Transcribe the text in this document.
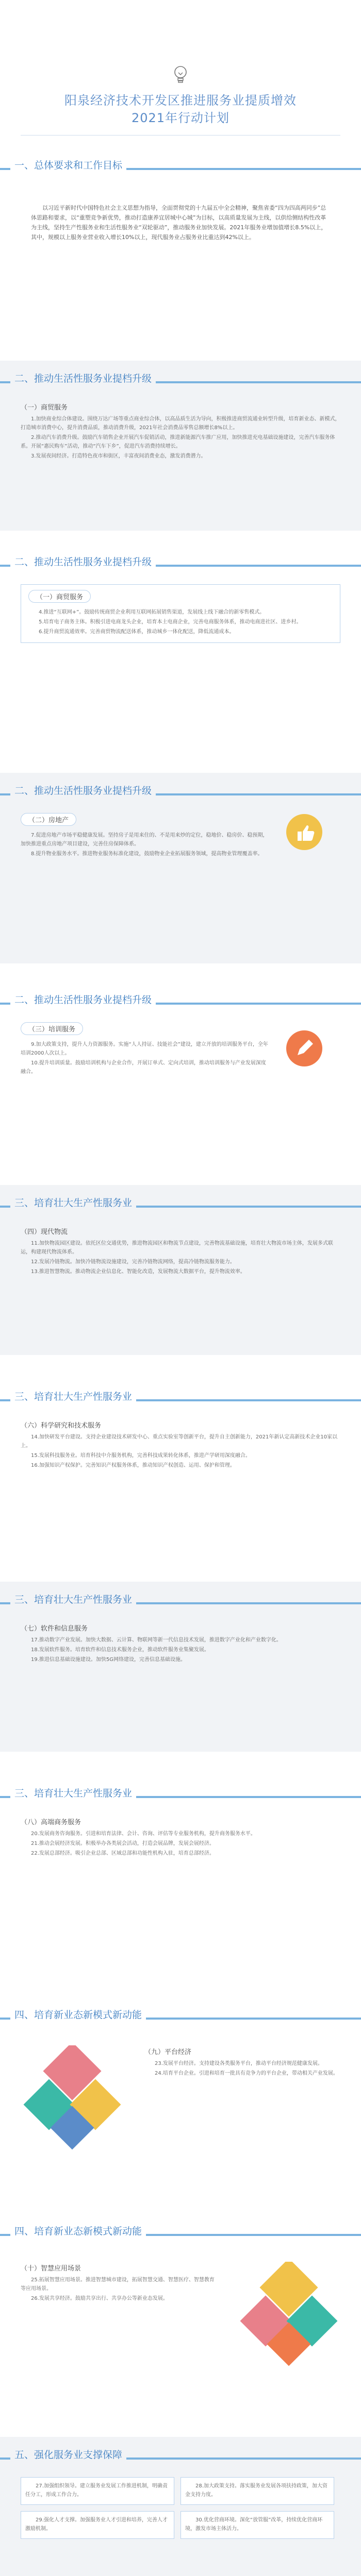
阳泉经济技术开发区推进服务业提质增效
2021年行动计划
一、总体要求和工作目标

以习近平新时代中国特色社会主义思想为指导，全面贯彻党的十九届五中全会精神，聚焦省委“四为四高两同步”总体思路和要求，以“重塑竞争新优势，推动打造康养宜居城中心城”为目标，以高质量发展为主线，以供给侧结构性改革为主线，坚持生产性服务业和生活性服务业“双轮驱动”，推动服务业加快发展。2021年服务业增加值增长8.5%以上，其中，规模以上服务业营业收入增长10%以上，现代服务业占服务业比重达到42%以上。

二、推动生活性服务业提档升级
（一）商贸服务

1.加快商业综合体建设。围绕万达广场等重点商业综合体，以高品质生活为导向，积极推进商贸流通业转型升级，培育新业态、新模式，打造城市消费中心，提升消费品质，推动消费升级，2021年社会消费品零售总额增长8%以上。

2.推动汽车消费升级。鼓励汽车销售企业开展汽车促销活动，推进新能源汽车推广应用，加快推进充电基础设施建设，完善汽车服务体系。开展“惠民购车”活动，推动“汽车下乡”，促进汽车消费持续增长。

3.发展夜间经济。打造特色夜市和街区，丰富夜间消费业态，激发消费潜力。

二、推动生活性服务业提档升级
（一）商贸服务

4.推进“互联网+”。鼓励传统商贸企业利用互联网拓展销售渠道，发展线上线下融合的新零售模式。

5.培育电子商务主体。积极引进电商龙头企业，培育本土电商企业，完善电商服务体系，推动电商进社区、进乡村。

6.提升商贸流通效率。完善商贸物流配送体系，推动城乡一体化配送，降低流通成本。

二、推动生活性服务业提档升级
（二）房地产

7.促进房地产市场平稳健康发展。坚持房子是用来住的、不是用来炒的定位，稳地价、稳房价、稳预期，加快推进重点房地产项目建设，完善住房保障体系。

8.提升物业服务水平。推进物业服务标准化建设，鼓励物业企业拓展服务领域，提高物业管理覆盖率。

二、推动生活性服务业提档升级
（三）培训服务

9.加大政策支持，提升人力资源服务。实施“人人持证、技能社会”建设，建立开放的培训服务平台，全年培训2000人次以上。

10.提升培训质量。鼓励培训机构与企业合作，开展订单式、定向式培训，推动培训服务与产业发展深度融合。

三、培育壮大生产性服务业
（四）现代物流

11.加快物流园区建设。依托区位交通优势，推进物流园区和物流节点建设，完善物流基础设施，培育壮大物流市场主体，发展多式联运，构建现代物流体系。

12.发展冷链物流。加快冷链物流设施建设，完善冷链物流网络，提高冷链物流服务能力。

13.推进智慧物流。推动物流企业信息化、智能化改造，发展物流大数据平台，提升物流效率。

三、培育壮大生产性服务业
（六）科学研究和技术服务

14.加快研发平台建设。支持企业建设技术研发中心、重点实验室等创新平台，提升自主创新能力，2021年新认定高新技术企业10家以上。

15.发展科技服务业。培育科技中介服务机构，完善科技成果转化体系，推进产学研用深度融合。

16.加强知识产权保护。完善知识产权服务体系，推动知识产权创造、运用、保护和管理。

三、培育壮大生产性服务业
（七）软件和信息服务

17.推动数字产业发展。加快大数据、云计算、物联网等新一代信息技术发展，推进数字产业化和产业数字化。

18.发展软件服务。培育软件和信息技术服务企业，推动软件服务业集聚发展。

19.推进信息基础设施建设。加快5G网络建设，完善信息基础设施。

三、培育壮大生产性服务业
（八）高端商务服务

20.发展商务咨询服务。引进和培育法律、会计、咨询、评估等专业服务机构，提升商务服务水平。

21.推动会展经济发展。积极举办各类展会活动，打造会展品牌，发展会展经济。

22.发展总部经济。吸引企业总部、区域总部和功能性机构入驻，培育总部经济。

四、培育新业态新模式新动能
（九）平台经济

23.发展平台经济。支持建设各类服务平台，推动平台经济规范健康发展。

24.培育平台企业。引进和培育一批具有竞争力的平台企业，带动相关产业发展。

四、培育新业态新模式新动能
（十）智慧应用场景

25.拓展智慧应用场景。推进智慧城市建设，拓展智慧交通、智慧医疗、智慧教育等应用场景。

26.发展共享经济。鼓励共享出行、共享办公等新业态发展。

五、强化服务业支撑保障

27.加强组织领导。建立服务业发展工作推进机制，明确责任分工，形成工作合力。

28.加大政策支持。落实服务业发展各项扶持政策，加大资金支持力度。

29.强化人才支撑。加强服务业人才引进和培养，完善人才激励机制。

30.优化营商环境。深化“放管服”改革，持续优化营商环境，激发市场主体活力。
